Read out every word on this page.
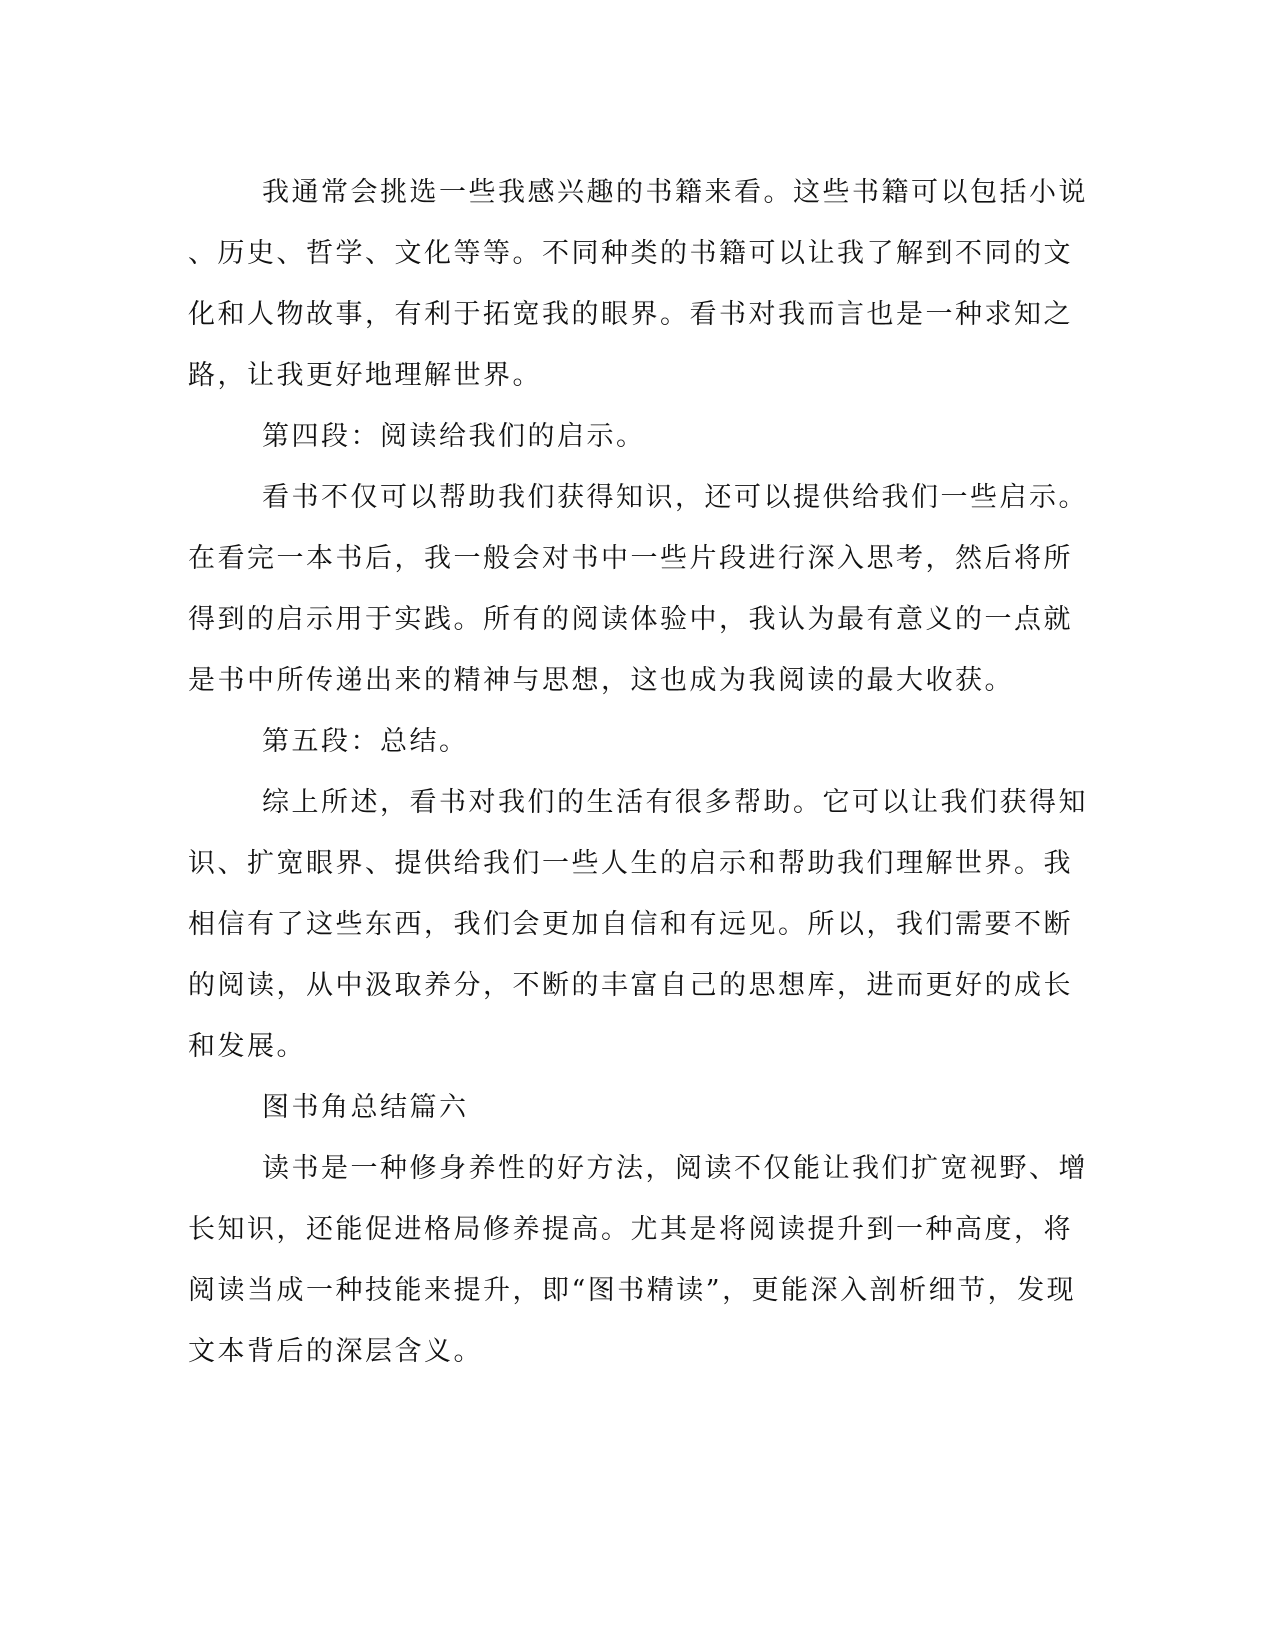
我通常会挑选一些我感兴趣的书籍来看。这些书籍可以包括小说

、历史、哲学、文化等等。不同种类的书籍可以让我了解到不同的文

化和人物故事，有利于拓宽我的眼界。看书对我而言也是一种求知之

路，让我更好地理解世界。

第四段：阅读给我们的启示。

看书不仅可以帮助我们获得知识，还可以提供给我们一些启示。

在看完一本书后，我一般会对书中一些片段进行深入思考，然后将所

得到的启示用于实践。所有的阅读体验中，我认为最有意义的一点就

是书中所传递出来的精神与思想，这也成为我阅读的最大收获。

第五段：总结。

综上所述，看书对我们的生活有很多帮助。它可以让我们获得知

识、扩宽眼界、提供给我们一些人生的启示和帮助我们理解世界。我

相信有了这些东西，我们会更加自信和有远见。所以，我们需要不断

的阅读，从中汲取养分，不断的丰富自己的思想库，进而更好的成长

和发展。

图书角总结篇六

读书是一种修身养性的好方法，阅读不仅能让我们扩宽视野、增

长知识，还能促进格局修养提高。尤其是将阅读提升到一种高度，将

阅读当成一种技能来提升，即“图书精读”，更能深入剖析细节，发现

文本背后的深层含义。
